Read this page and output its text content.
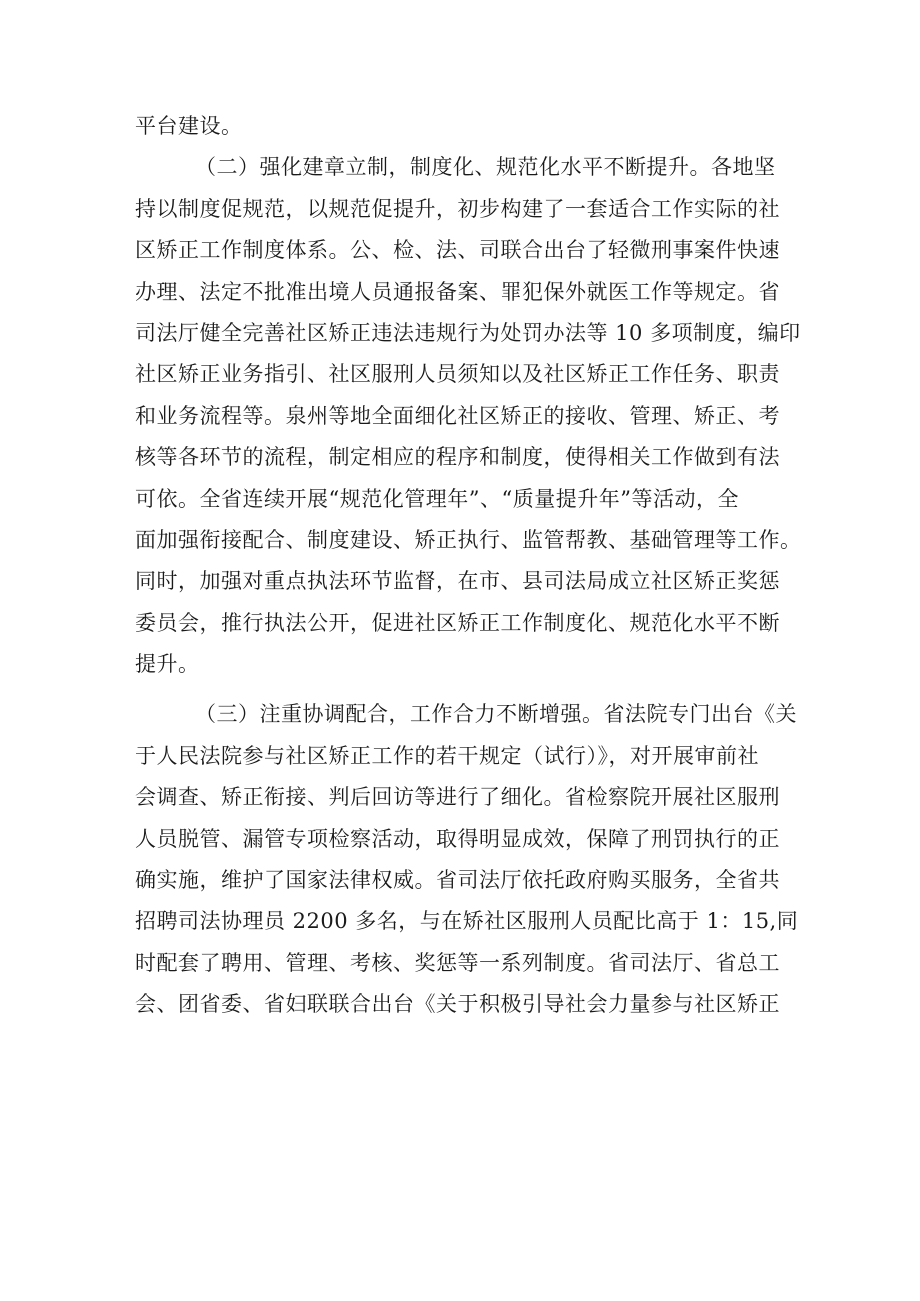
平台建设。
（二）强化建章立制，制度化、规范化水平不断提升。各地坚
持以制度促规范，以规范促提升，初步构建了一套适合工作实际的社
区矫正工作制度体系。公、检、法、司联合出台了轻微刑事案件快速
办理、法定不批准出境人员通报备案、罪犯保外就医工作等规定。省
司法厅健全完善社区矫正违法违规行为处罚办法等 10 多项制度，编印
社区矫正业务指引、社区服刑人员须知以及社区矫正工作任务、职责
和业务流程等。泉州等地全面细化社区矫正的接收、管理、矫正、考
核等各环节的流程，制定相应的程序和制度，使得相关工作做到有法
可依。全省连续开展“规范化管理年”、“质量提升年”等活动，全
面加强衔接配合、制度建设、矫正执行、监管帮教、基础管理等工作。
同时，加强对重点执法环节监督，在市、县司法局成立社区矫正奖惩
委员会，推行执法公开，促进社区矫正工作制度化、规范化水平不断
提升。
（三）注重协调配合，工作合力不断增强。省法院专门出台《关
于人民法院参与社区矫正工作的若干规定（试行）》，对开展审前社
会调查、矫正衔接、判后回访等进行了细化。省检察院开展社区服刑
人员脱管、漏管专项检察活动，取得明显成效，保障了刑罚执行的正
确实施，维护了国家法律权威。省司法厅依托政府购买服务，全省共
招聘司法协理员 2200 多名，与在矫社区服刑人员配比高于 1：15,同
时配套了聘用、管理、考核、奖惩等一系列制度。省司法厅、省总工
会、团省委、省妇联联合出台《关于积极引导社会力量参与社区矫正
